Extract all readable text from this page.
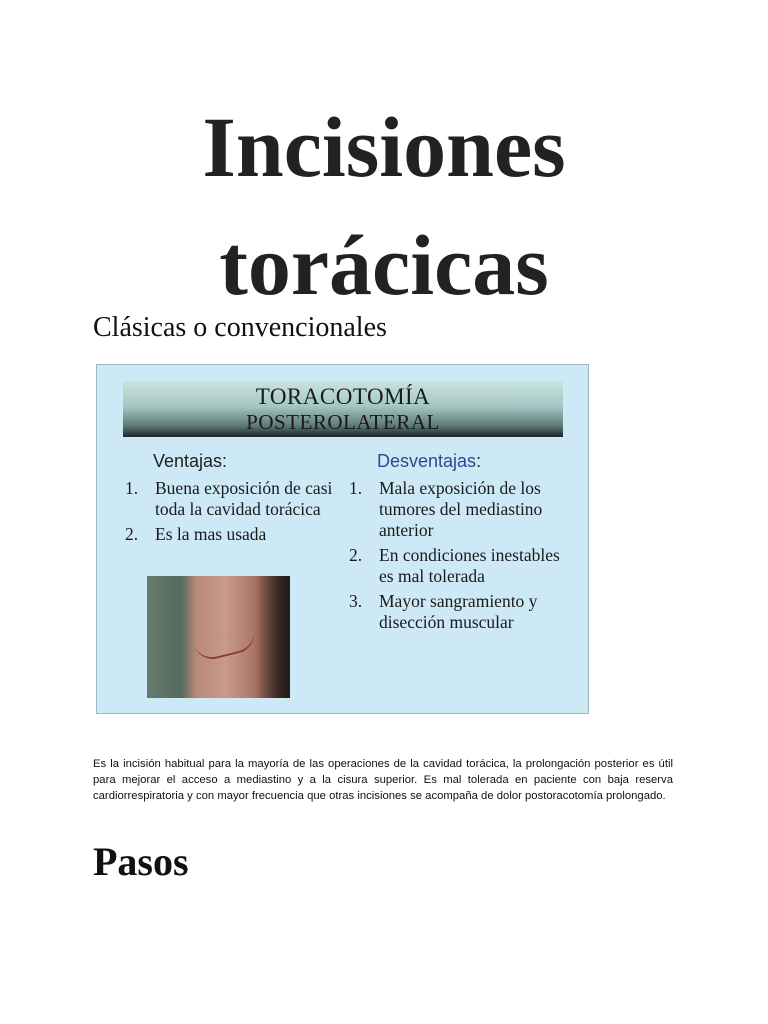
Incisiones
torácicas

Clásicas o convencionales

TORACOTOMÍA
POSTEROLATERAL
Ventajas:
1. Buena exposición de casi toda la cavidad torácica
2. Es la mas usada
Desventajas:
1. Mala exposición de los tumores del mediastino anterior
2. En condiciones inestables es mal tolerada
3. Mayor sangramiento y disección muscular

Es la incisión habitual para la mayoría de las operaciones de la cavidad torácica, la prolongación posterior es útil para mejorar el acceso a mediastino y a la cisura superior. Es mal tolerada en paciente con baja reserva cardiorrespiratoria y con mayor frecuencia que otras incisiones se acompaña de dolor postoracotomía prolongado.

Pasos
